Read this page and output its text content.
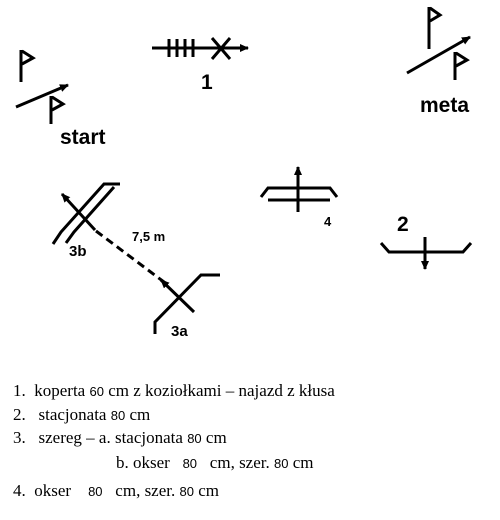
start
meta
1
4	2
3b
7,5 m
3a
1. koperta 60 cm z koziołkami – najazd z kłusa
2. stacjonata 80 cm
3. szereg – a. stacjonata 80 cm
b. okser 80 cm, szer. 80 cm
4. okser 80 cm, szer. 80 cm
